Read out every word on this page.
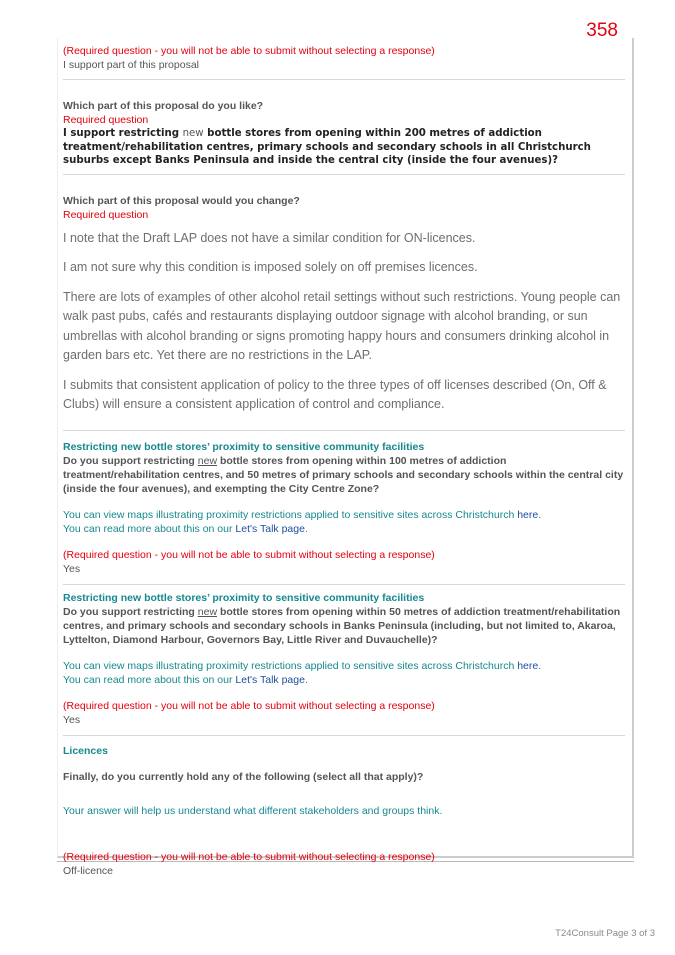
358
(Required question - you will not be able to submit without selecting a response)
I support part of this proposal
Which part of this proposal do you like?
Required question
I support restricting new bottle stores from opening within 200 metres of addiction treatment/rehabilitation centres, primary schools and secondary schools in all Christchurch suburbs except Banks Peninsula and inside the central city (inside the four avenues)?
Which part of this proposal would you change?
Required question
I note that the Draft LAP does not have a similar condition for ON-licences.
I am not sure why this condition is imposed solely on off premises licences.
There are lots of examples of other alcohol retail settings without such restrictions. Young people can walk past pubs, cafés and restaurants displaying outdoor signage with alcohol branding, or sun umbrellas with alcohol branding or signs promoting happy hours and consumers drinking alcohol in garden bars etc. Yet there are no restrictions in the LAP.
I submits that consistent application of policy to the three types of off licenses described (On, Off & Clubs) will ensure a consistent application of control and compliance.
Restricting new bottle stores’ proximity to sensitive community facilities
Do you support restricting new bottle stores from opening within 100 metres of addiction treatment/rehabilitation centres, and 50 metres of primary schools and secondary schools within the central city (inside the four avenues), and exempting the City Centre Zone?
You can view maps illustrating proximity restrictions applied to sensitive sites across Christchurch here.
You can read more about this on our Let's Talk page.
(Required question - you will not be able to submit without selecting a response)
Yes
Restricting new bottle stores’ proximity to sensitive community facilities
Do you support restricting new bottle stores from opening within 50 metres of addiction treatment/rehabilitation centres, and primary schools and secondary schools in Banks Peninsula (including, but not limited to, Akaroa, Lyttelton, Diamond Harbour, Governors Bay, Little River and Duvauchelle)?
You can view maps illustrating proximity restrictions applied to sensitive sites across Christchurch here.
You can read more about this on our Let's Talk page.
(Required question - you will not be able to submit without selecting a response)
Yes
Licences
Finally, do you currently hold any of the following (select all that apply)?
Your answer will help us understand what different stakeholders and groups think.
(Required question - you will not be able to submit without selecting a response)
Off-licence
T24Consult Page 3 of 3
